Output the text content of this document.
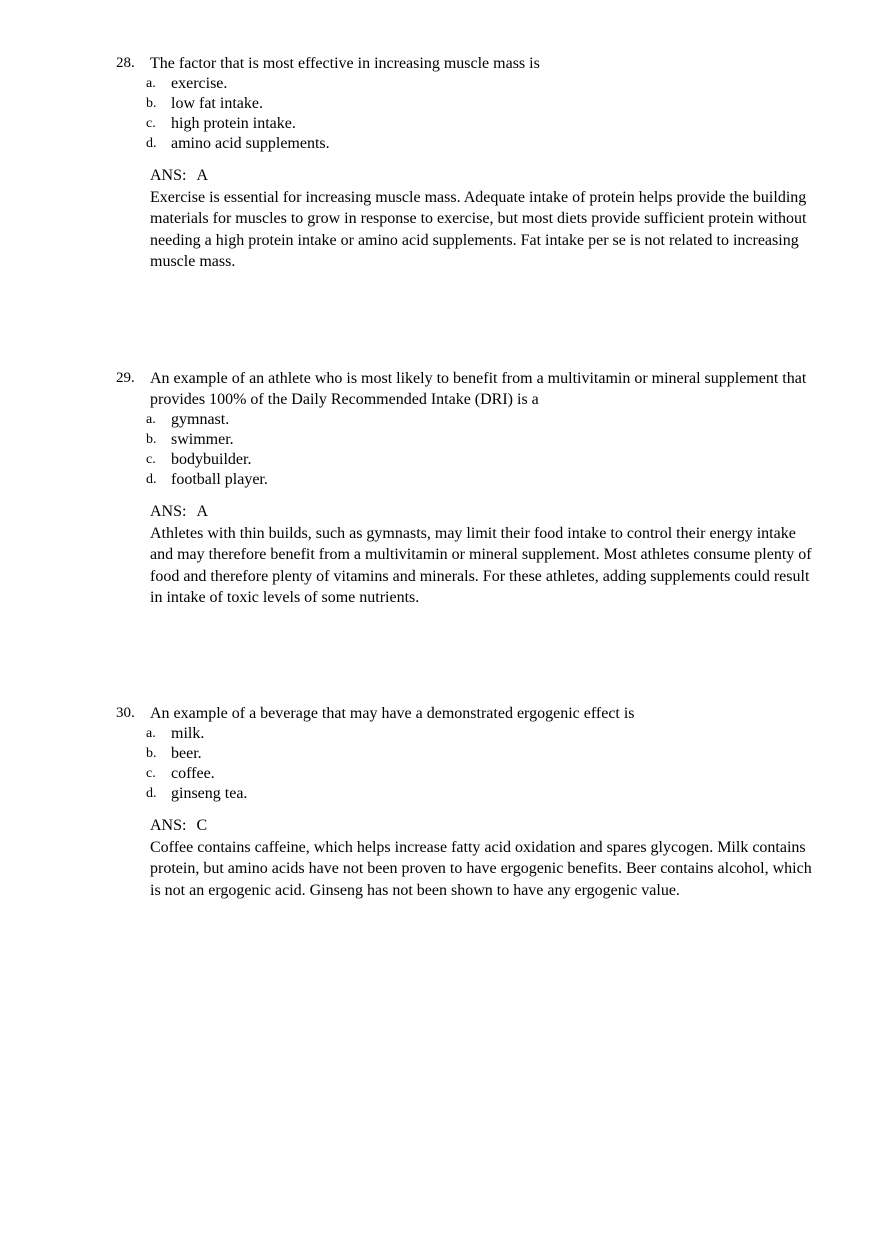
28. The factor that is most effective in increasing muscle mass is
a. exercise.
b. low fat intake.
c. high protein intake.
d. amino acid supplements.
ANS: A
Exercise is essential for increasing muscle mass. Adequate intake of protein helps provide the building materials for muscles to grow in response to exercise, but most diets provide sufficient protein without needing a high protein intake or amino acid supplements. Fat intake per se is not related to increasing muscle mass.
29. An example of an athlete who is most likely to benefit from a multivitamin or mineral supplement that provides 100% of the Daily Recommended Intake (DRI) is a
a. gymnast.
b. swimmer.
c. bodybuilder.
d. football player.
ANS: A
Athletes with thin builds, such as gymnasts, may limit their food intake to control their energy intake and may therefore benefit from a multivitamin or mineral supplement. Most athletes consume plenty of food and therefore plenty of vitamins and minerals. For these athletes, adding supplements could result in intake of toxic levels of some nutrients.
30. An example of a beverage that may have a demonstrated ergogenic effect is
a. milk.
b. beer.
c. coffee.
d. ginseng tea.
ANS: C
Coffee contains caffeine, which helps increase fatty acid oxidation and spares glycogen. Milk contains protein, but amino acids have not been proven to have ergogenic benefits. Beer contains alcohol, which is not an ergogenic acid. Ginseng has not been shown to have any ergogenic value.
